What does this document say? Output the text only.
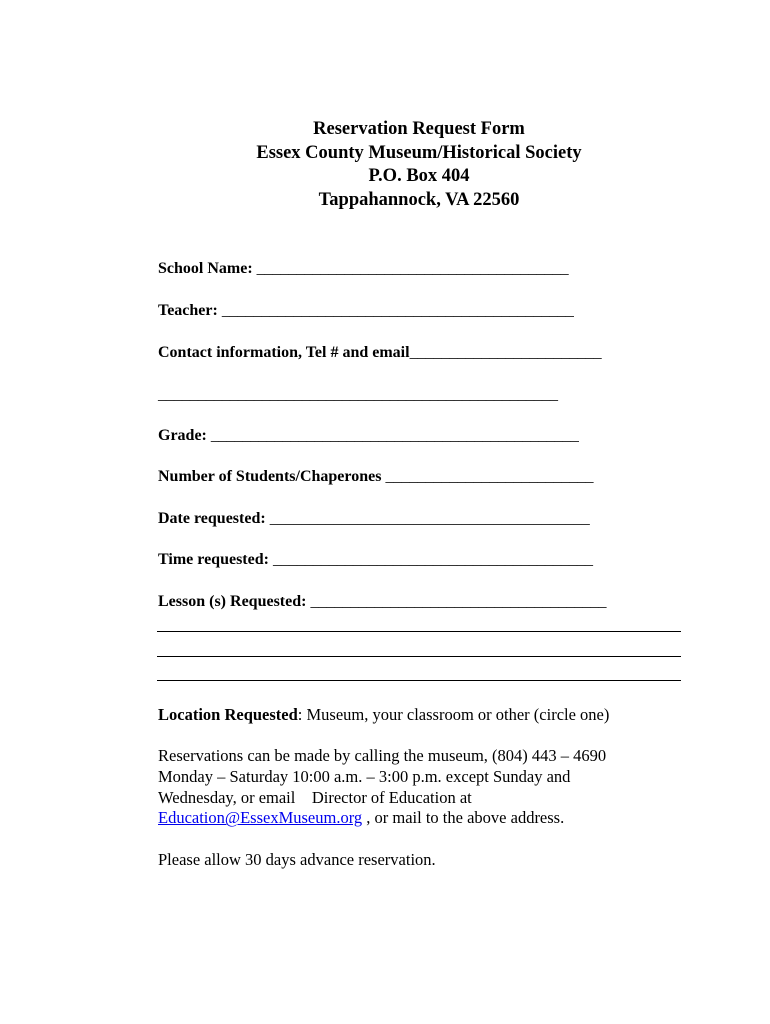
Reservation Request Form
Essex County Museum/Historical Society
P.O. Box 404
Tappahannock, VA 22560
School Name: _______________________________________
Teacher: ____________________________________________
Contact information, Tel # and email________________________
__________________________________________________
Grade: ______________________________________________
Number of Students/Chaperones __________________________
Date requested: ________________________________________
Time requested: ________________________________________
Lesson (s) Requested: _____________________________________
Location Requested: Museum, your classroom or other (circle one)
Reservations can be made by calling the museum, (804) 443 – 4690
Monday – Saturday 10:00 a.m. – 3:00 p.m. except Sunday and
Wednesday, or email    Director of Education at
Education@EssexMuseum.org , or mail to the above address.
Please allow 30 days advance reservation.
